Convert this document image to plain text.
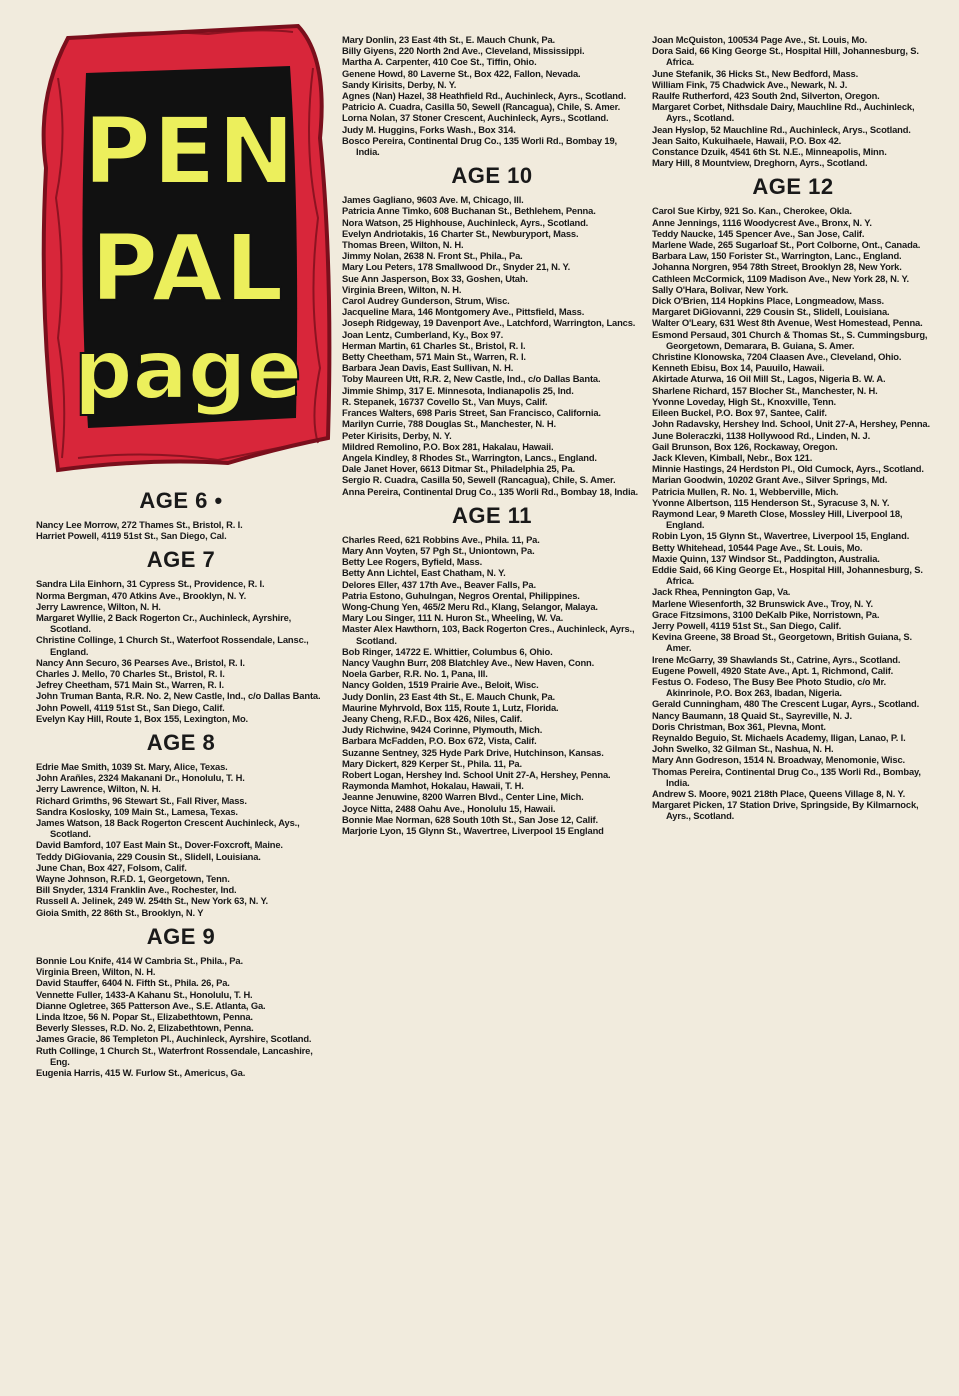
PEN
PAL
page
AGE 6 •

Nancy Lee Morrow, 272 Thames St., Bristol, R. I.

Harriet Powell, 4119 51st St., San Diego, Cal.

AGE 7

Sandra Lila Einhorn, 31 Cypress St., Providence, R. I.

Norma Bergman, 470 Atkins Ave., Brooklyn, N. Y.

Jerry Lawrence, Wilton, N. H.

Margaret Wyllie, 2 Back Rogerton Cr., Auchinleck, Ayrshire, Scotland.

Christine Collinge, 1 Church St., Waterfoot Rossendale, Lansc., England.

Nancy Ann Securo, 36 Pearses Ave., Bristol, R. I.

Charles J. Mello, 70 Charles St., Bristol, R. I.

Jefrey Cheetham, 571 Main St., Warren, R. I.

John Truman Banta, R.R. No. 2, New Castle, Ind., c/o Dallas Banta.

John Powell, 4119 51st St., San Diego, Calif.

Evelyn Kay Hill, Route 1, Box 155, Lexington, Mo.

AGE 8

Edrie Mae Smith, 1039 St. Mary, Alice, Texas.

John Arañles, 2324 Makanani Dr., Honolulu, T. H.

Jerry Lawrence, Wilton, N. H.

Richard Grimths, 96 Stewart St., Fall River, Mass.

Sandra Koslosky, 109 Main St., Lamesa, Texas.

James Watson, 18 Back Rogerton Crescent Auchinleck, Ays., Scotland.

David Bamford, 107 East Main St., Dover-Foxcroft, Maine.

Teddy DiGiovania, 229 Cousin St., Slidell, Louisiana.

June Chan, Box 427, Folsom, Calif.

Wayne Johnson, R.F.D. 1, Georgetown, Tenn.

Bill Snyder, 1314 Franklin Ave., Rochester, Ind.

Russell A. Jelinek, 249 W. 254th St., New York 63, N. Y.

Gioia Smith, 22 86th St., Brooklyn, N. Y

AGE 9

Bonnie Lou Knife, 414 W Cambria St., Phila., Pa.

Virginia Breen, Wilton, N. H.

David Stauffer, 6404 N. Fifth St., Phila. 26, Pa.

Vennette Fuller, 1433-A Kahanu St., Honolulu, T. H.

Dianne Ogletree, 365 Patterson Ave., S.E. Atlanta, Ga.

Linda Itzoe, 56 N. Popar St., Elizabethtown, Penna.

Beverly Slesses, R.D. No. 2, Elizabethtown, Penna.

James Gracie, 86 Templeton Pl., Auchinleck, Ayrshire, Scotland.

Ruth Collinge, 1 Church St., Waterfront Rossendale, Lancashire, Eng.

Eugenia Harris, 415 W. Furlow St., Americus, Ga.

Mary Donlin, 23 East 4th St., E. Mauch Chunk, Pa.

Billy Giyens, 220 North 2nd Ave., Cleveland, Mississippi.

Martha A. Carpenter, 410 Coe St., Tiffin, Ohio.

Genene Howd, 80 Laverne St., Box 422, Fallon, Nevada.

Sandy Kirisits, Derby, N. Y.

Agnes (Nan) Hazel, 38 Heathfield Rd., Auchinleck, Ayrs., Scotland.

Patricio A. Cuadra, Casilla 50, Sewell (Rancagua), Chile, S. Amer.

Lorna Nolan, 37 Stoner Crescent, Auchinleck, Ayrs., Scotland.

Judy M. Huggins, Forks Wash., Box 314.

Bosco Pereira, Continental Drug Co., 135 Worli Rd., Bombay 19, India.

AGE 10

James Gagliano, 9603 Ave. M, Chicago, Ill.

Patricia Anne Timko, 608 Buchanan St., Bethlehem, Penna.

Nora Watson, 25 Highhouse, Auchinleck, Ayrs., Scotland.

Evelyn Andriotakis, 16 Charter St., Newburyport, Mass.

Thomas Breen, Wilton, N. H.

Jimmy Nolan, 2638 N. Front St., Phila., Pa.

Mary Lou Peters, 178 Smallwood Dr., Snyder 21, N. Y.

Sue Ann Jasperson, Box 33, Goshen, Utah.

Virginia Breen, Wilton, N. H.

Carol Audrey Gunderson, Strum, Wisc.

Jacqueline Mara, 146 Montgomery Ave., Pittsfield, Mass.

Joseph Ridgeway, 19 Davenport Ave., Latchford, Warrington, Lancs.

Joan Lentz, Cumberland, Ky., Box 97.

Herman Martin, 61 Charles St., Bristol, R. I.

Betty Cheetham, 571 Main St., Warren, R. I.

Barbara Jean Davis, East Sullivan, N. H.

Toby Maureen Utt, R.R. 2, New Castle, Ind., c/o Dallas Banta.

Jimmie Shimp, 317 E. Minnesota, Indianapolis 25, Ind.

R. Stepanek, 16737 Covello St., Van Muys, Calif.

Frances Walters, 698 Paris Street, San Francisco, California.

Marilyn Currie, 788 Douglas St., Manchester, N. H.

Peter Kirisits, Derby, N. Y.

Mildred Remolino, P.O. Box 281, Hakalau, Hawaii.

Angela Kindley, 8 Rhodes St., Warrington, Lancs., England.

Dale Janet Hover, 6613 Ditmar St., Philadelphia 25, Pa.

Sergio R. Cuadra, Casilla 50, Sewell (Rancagua), Chile, S. Amer.

Anna Pereira, Continental Drug Co., 135 Worli Rd., Bombay 18, India.

AGE 11

Charles Reed, 621 Robbins Ave., Phila. 11, Pa.

Mary Ann Voyten, 57 Pgh St., Uniontown, Pa.

Betty Lee Rogers, Byfield, Mass.

Betty Ann Lichtel, East Chatham, N. Y.

Delores Eller, 437 17th Ave., Beaver Falls, Pa.

Patria Estono, Guhulngan, Negros Orental, Philippines.

Wong-Chung Yen, 465/2 Meru Rd., Klang, Selangor, Malaya.

Mary Lou Singer, 111 N. Huron St., Wheeling, W. Va.

Master Alex Hawthorn, 103, Back Rogerton Cres., Auchinleck, Ayrs., Scotland.

Bob Ringer, 14722 E. Whittier, Columbus 6, Ohio.

Nancy Vaughn Burr, 208 Blatchley Ave., New Haven, Conn.

Noela Garber, R.R. No. 1, Pana, Ill.

Nancy Golden, 1519 Prairie Ave., Beloit, Wisc.

Judy Donlin, 23 East 4th St., E. Mauch Chunk, Pa.

Maurine Myhrvold, Box 115, Route 1, Lutz, Florida.

Jeany Cheng, R.F.D., Box 426, Niles, Calif.

Judy Richwine, 9424 Corinne, Plymouth, Mich.

Barbara McFadden, P.O. Box 672, Vista, Calif.

Suzanne Sentney, 325 Hyde Park Drive, Hutchinson, Kansas.

Mary Dickert, 829 Kerper St., Phila. 11, Pa.

Robert Logan, Hershey Ind. School Unit 27-A, Hershey, Penna.

Raymonda Mamhot, Hokalau, Hawaii, T. H.

Jeanne Jenuwine, 8200 Warren Blvd., Center Line, Mich.

Joyce Nitta, 2488 Oahu Ave., Honolulu 15, Hawaii.

Bonnie Mae Norman, 628 South 10th St., San Jose 12, Calif.

Marjorie Lyon, 15 Glynn St., Wavertree, Liverpool 15 England

Joan McQuiston, 100534 Page Ave., St. Louis, Mo.

Dora Said, 66 King George St., Hospital Hill, Johannesburg, S. Africa.

June Stefanik, 36 Hicks St., New Bedford, Mass.

William Fink, 75 Chadwick Ave., Newark, N. J.

Raulfe Rutherford, 423 South 2nd, Silverton, Oregon.

Margaret Corbet, Nithsdale Dairy, Mauchline Rd., Auchinleck, Ayrs., Scotland.

Jean Hyslop, 52 Mauchline Rd., Auchinleck, Arys., Scotland.

Jean Saito, Kukuihaele, Hawaii, P.O. Box 42.

Constance Dzuik, 4541 6th St. N.E., Minneapolis, Minn.

Mary Hill, 8 Mountview, Dreghorn, Ayrs., Scotland.

AGE 12

Carol Sue Kirby, 921 So. Kan., Cherokee, Okla.

Anne Jennings, 1116 Woodycrest Ave., Bronx, N. Y.

Teddy Naucke, 145 Spencer Ave., San Jose, Calif.

Marlene Wade, 265 Sugarloaf St., Port Colborne, Ont., Canada.

Barbara Law, 150 Forister St., Warrington, Lanc., England.

Johanna Norgren, 954 78th Street, Brooklyn 28, New York.

Cathleen McCormick, 1109 Madison Ave., New York 28, N. Y.

Sally O'Hara, Bolivar, New York.

Dick O'Brien, 114 Hopkins Place, Longmeadow, Mass.

Margaret DiGiovanni, 229 Cousin St., Slidell, Louisiana.

Walter O'Leary, 631 West 8th Avenue, West Homestead, Penna.

Esmond Persaud, 301 Church & Thomas St., S. Cummingsburg, Georgetown, Demarara, B. Guiana, S. Amer.

Christine Klonowska, 7204 Claasen Ave., Cleveland, Ohio.

Kenneth Ebisu, Box 14, Pauuilo, Hawaii.

Akirtade Aturwa, 16 Oil Mill St., Lagos, Nigeria B. W. A.

Sharlene Richard, 157 Blocher St., Manchester, N. H.

Yvonne Loveday, High St., Knoxville, Tenn.

Eileen Buckel, P.O. Box 97, Santee, Calif.

John Radavsky, Hershey Ind. School, Unit 27-A, Hershey, Penna.

June Boleraczki, 1138 Hollywood Rd., Linden, N. J.

Gail Brunson, Box 126, Rockaway, Oregon.

Jack Kleven, Kimball, Nebr., Box 121.

Minnie Hastings, 24 Herdston Pl., Old Cumock, Ayrs., Scotland.

Marian Goodwin, 10202 Grant Ave., Silver Springs, Md.

Patricia Mullen, R. No. 1, Webberville, Mich.

Yvonne Albertson, 115 Henderson St., Syracuse 3, N. Y.

Raymond Lear, 9 Mareth Close, Mossley Hill, Liverpool 18, England.

Robin Lyon, 15 Glynn St., Wavertree, Liverpool 15, England.

Betty Whitehead, 10544 Page Ave., St. Louis, Mo.

Maxie Quinn, 137 Windsor St., Paddington, Australia.

Eddie Said, 66 King George Et., Hospital Hill, Johannesburg, S. Africa.

Jack Rhea, Pennington Gap, Va.

Marlene Wiesenforth, 32 Brunswick Ave., Troy, N. Y.

Grace Fitzsimons, 3100 DeKalb Pike, Norristown, Pa.

Jerry Powell, 4119 51st St., San Diego, Calif.

Kevina Greene, 38 Broad St., Georgetown, British Guiana, S. Amer.

Irene McGarry, 39 Shawlands St., Catrine, Ayrs., Scotland.

Eugene Powell, 4920 State Ave., Apt. 1, Richmond, Calif.

Festus O. Fodeso, The Busy Bee Photo Studio, c/o Mr. Akinrinole, P.O. Box 263, Ibadan, Nigeria.

Gerald Cunningham, 480 The Crescent Lugar, Ayrs., Scotland.

Nancy Baumann, 18 Quaid St., Sayreville, N. J.

Doris Christman, Box 361, Plevna, Mont.

Reynaldo Beguio, St. Michaels Academy, Iligan, Lanao, P. I.

John Swelko, 32 Gilman St., Nashua, N. H.

Mary Ann Godreson, 1514 N. Broadway, Menomonie, Wisc.

Thomas Pereira, Continental Drug Co., 135 Worli Rd., Bombay, India.

Andrew S. Moore, 9021 218th Place, Queens Village 8, N. Y.

Margaret Picken, 17 Station Drive, Springside, By Kilmarnock, Ayrs., Scotland.
